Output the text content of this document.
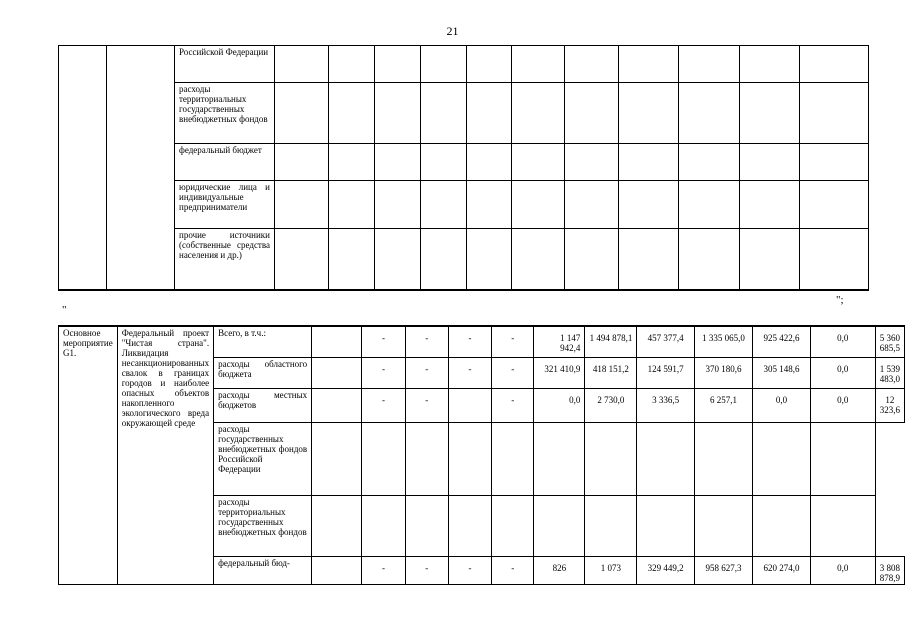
21
		Российской Федерации											
		расходы территориальных государственных внебюджетных фондов											
		федеральный бюджет											
		юридические лица и индивидуальные предприниматели											
		прочие источники (собственные средства населения и др.)											
";
"
Основное мероприятие G1.	Федеральный проект "Чистая страна". Ликвидация несанкционированных свалок в границах городов и наиболее опасных объектов накопленного экологического вреда окружающей среде	Всего, в т.ч.:		-	-	-	-	1 147 942,4	1 494 878,1	457 377,4	1 335 065,0	925 422,6	0,0	5 360 685,5
		расходы областного бюджета		-	-	-	-	321 410,9	418 151,2	124 591,7	370 180,6	305 148,6	0,0	1 539 483,0
		расходы местных бюджетов		-	-		-	0,0	2 730,0	3 336,5	6 257,1	0,0	0,0	12 323,6
		расходы государственных внебюджетных фондов Российской Федерации												
		расходы территориальных государственных внебюджетных фондов												
		федеральный бюд-		-	-	-	-	826	1 073	329 449,2	958 627,3	620 274,0	0,0	3 808 878,9
